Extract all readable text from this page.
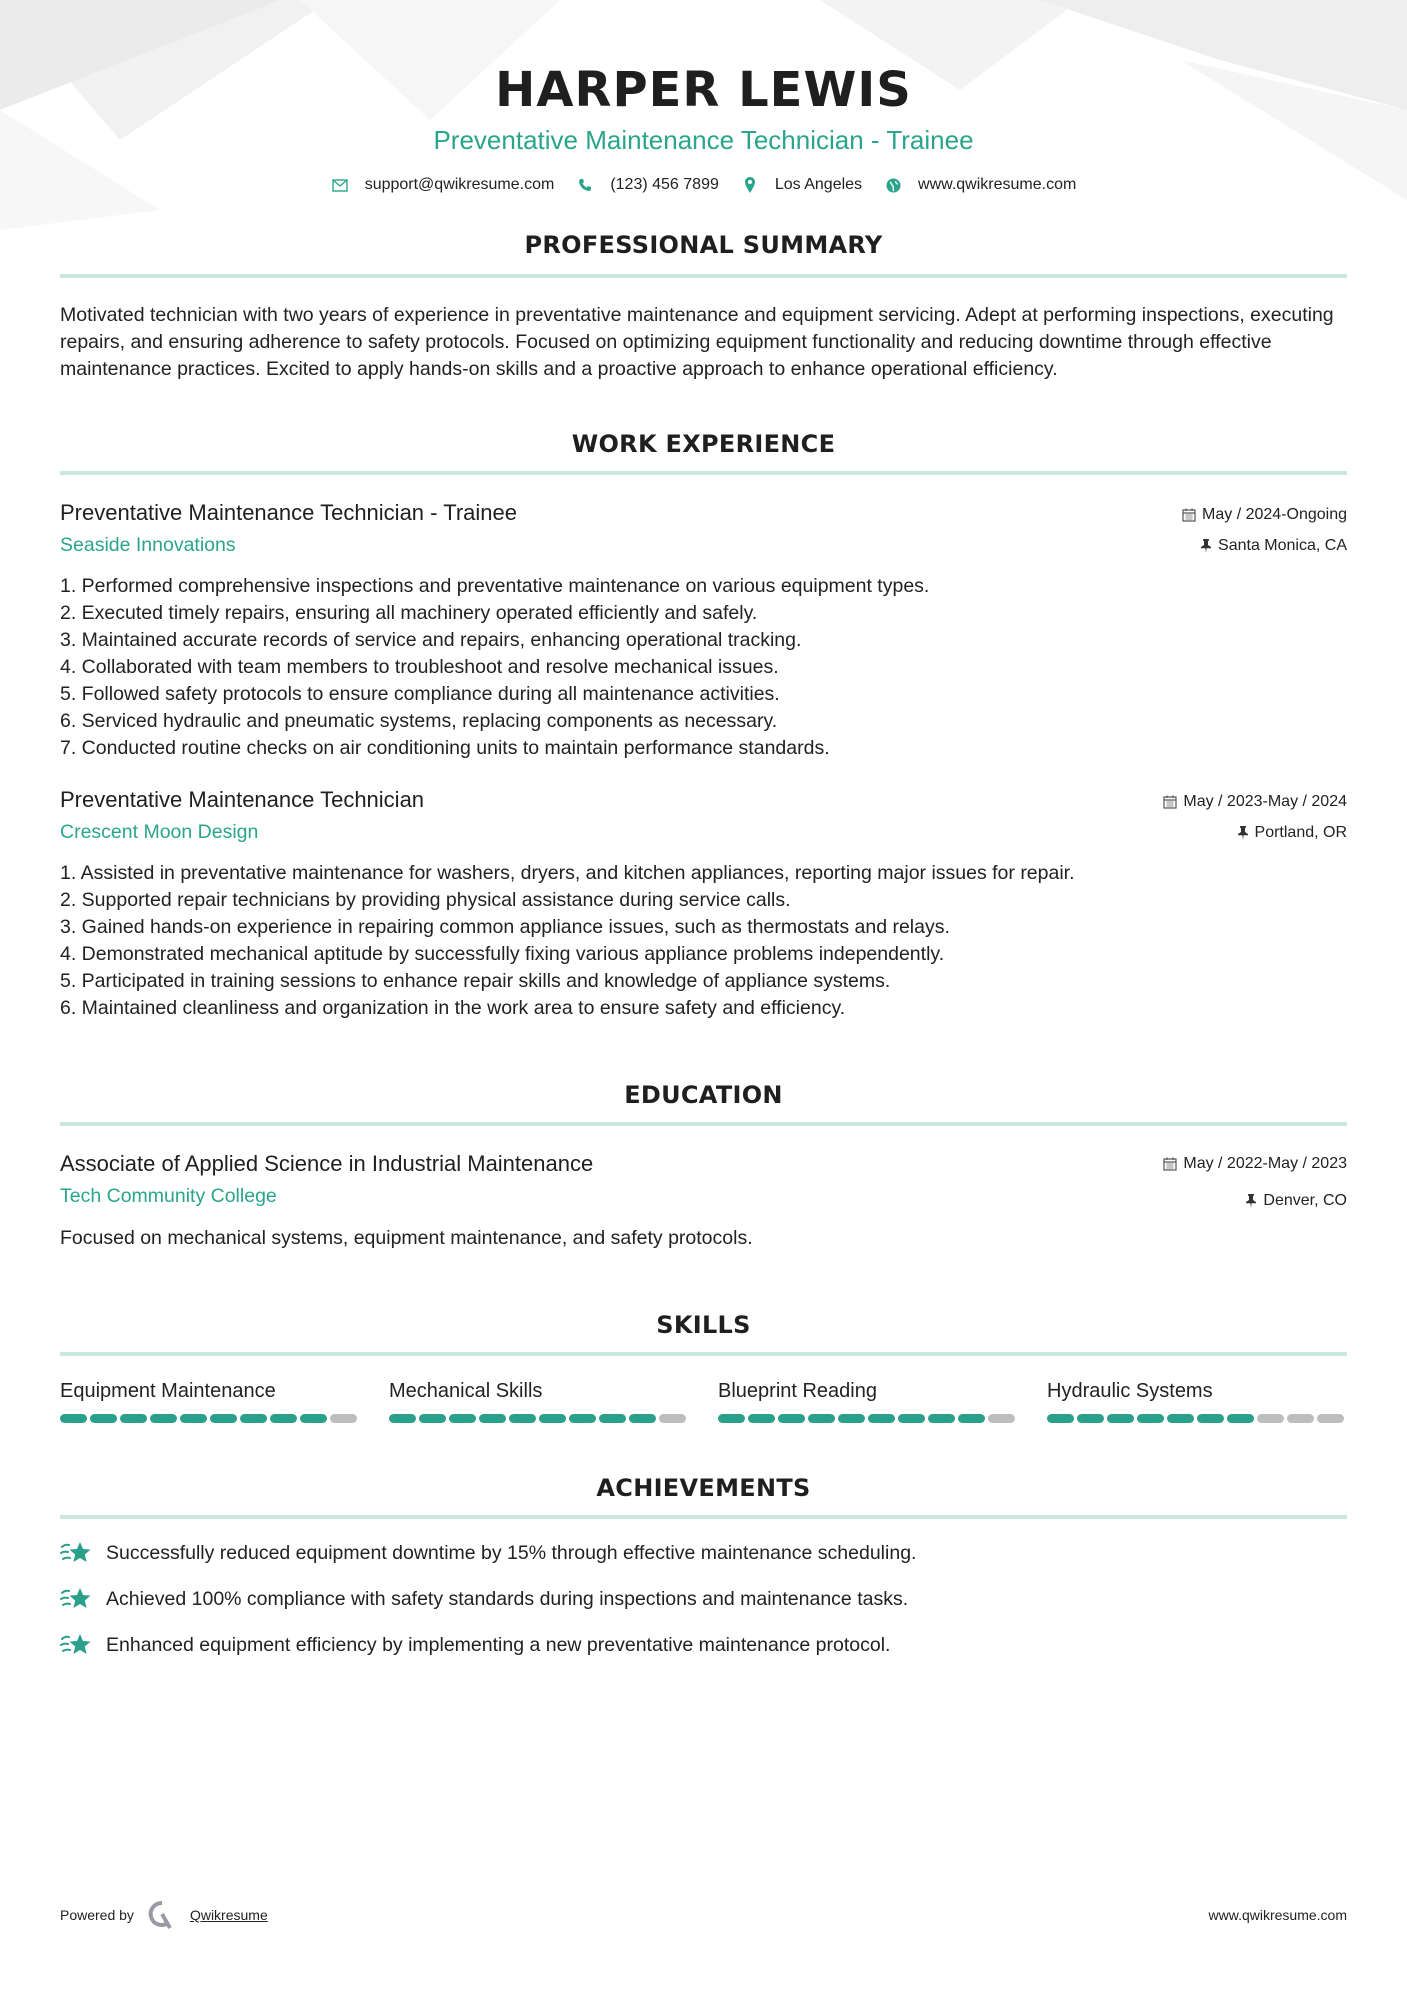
HARPER LEWIS
Preventative Maintenance Technician - Trainee
support@qwikresume.com	(123) 456 7899	Los Angeles	www.qwikresume.com
PROFESSIONAL SUMMARY

Motivated technician with two years of experience in preventative maintenance and equipment servicing. Adept at performing inspections, executing repairs, and ensuring adherence to safety protocols. Focused on optimizing equipment functionality and reducing downtime through effective maintenance practices. Excited to apply hands-on skills and a proactive approach to enhance operational efficiency.

WORK EXPERIENCE
Preventative Maintenance Technician - Trainee
Seaside Innovations
May / 2024-Ongoing
Santa Monica, CA
1. Performed comprehensive inspections and preventative maintenance on various equipment types.
2. Executed timely repairs, ensuring all machinery operated efficiently and safely.
3. Maintained accurate records of service and repairs, enhancing operational tracking.
4. Collaborated with team members to troubleshoot and resolve mechanical issues.
5. Followed safety protocols to ensure compliance during all maintenance activities.
6. Serviced hydraulic and pneumatic systems, replacing components as necessary.
7. Conducted routine checks on air conditioning units to maintain performance standards.
Preventative Maintenance Technician
Crescent Moon Design
May / 2023-May / 2024
Portland, OR
1. Assisted in preventative maintenance for washers, dryers, and kitchen appliances, reporting major issues for repair.
2. Supported repair technicians by providing physical assistance during service calls.
3. Gained hands-on experience in repairing common appliance issues, such as thermostats and relays.
4. Demonstrated mechanical aptitude by successfully fixing various appliance problems independently.
5. Participated in training sessions to enhance repair skills and knowledge of appliance systems.
6. Maintained cleanliness and organization in the work area to ensure safety and efficiency.
EDUCATION
Associate of Applied Science in Industrial Maintenance
Tech Community College
May / 2022-May / 2023
Denver, CO

Focused on mechanical systems, equipment maintenance, and safety protocols.

SKILLS
Equipment Maintenance	Mechanical Skills	Blueprint Reading	Hydraulic Systems
ACHIEVEMENTS
Successfully reduced equipment downtime by 15% through effective maintenance scheduling.
Achieved 100% compliance with safety standards during inspections and maintenance tasks.
Enhanced equipment efficiency by implementing a new preventative maintenance protocol.
Powered by	Qwikresume	www.qwikresume.com
